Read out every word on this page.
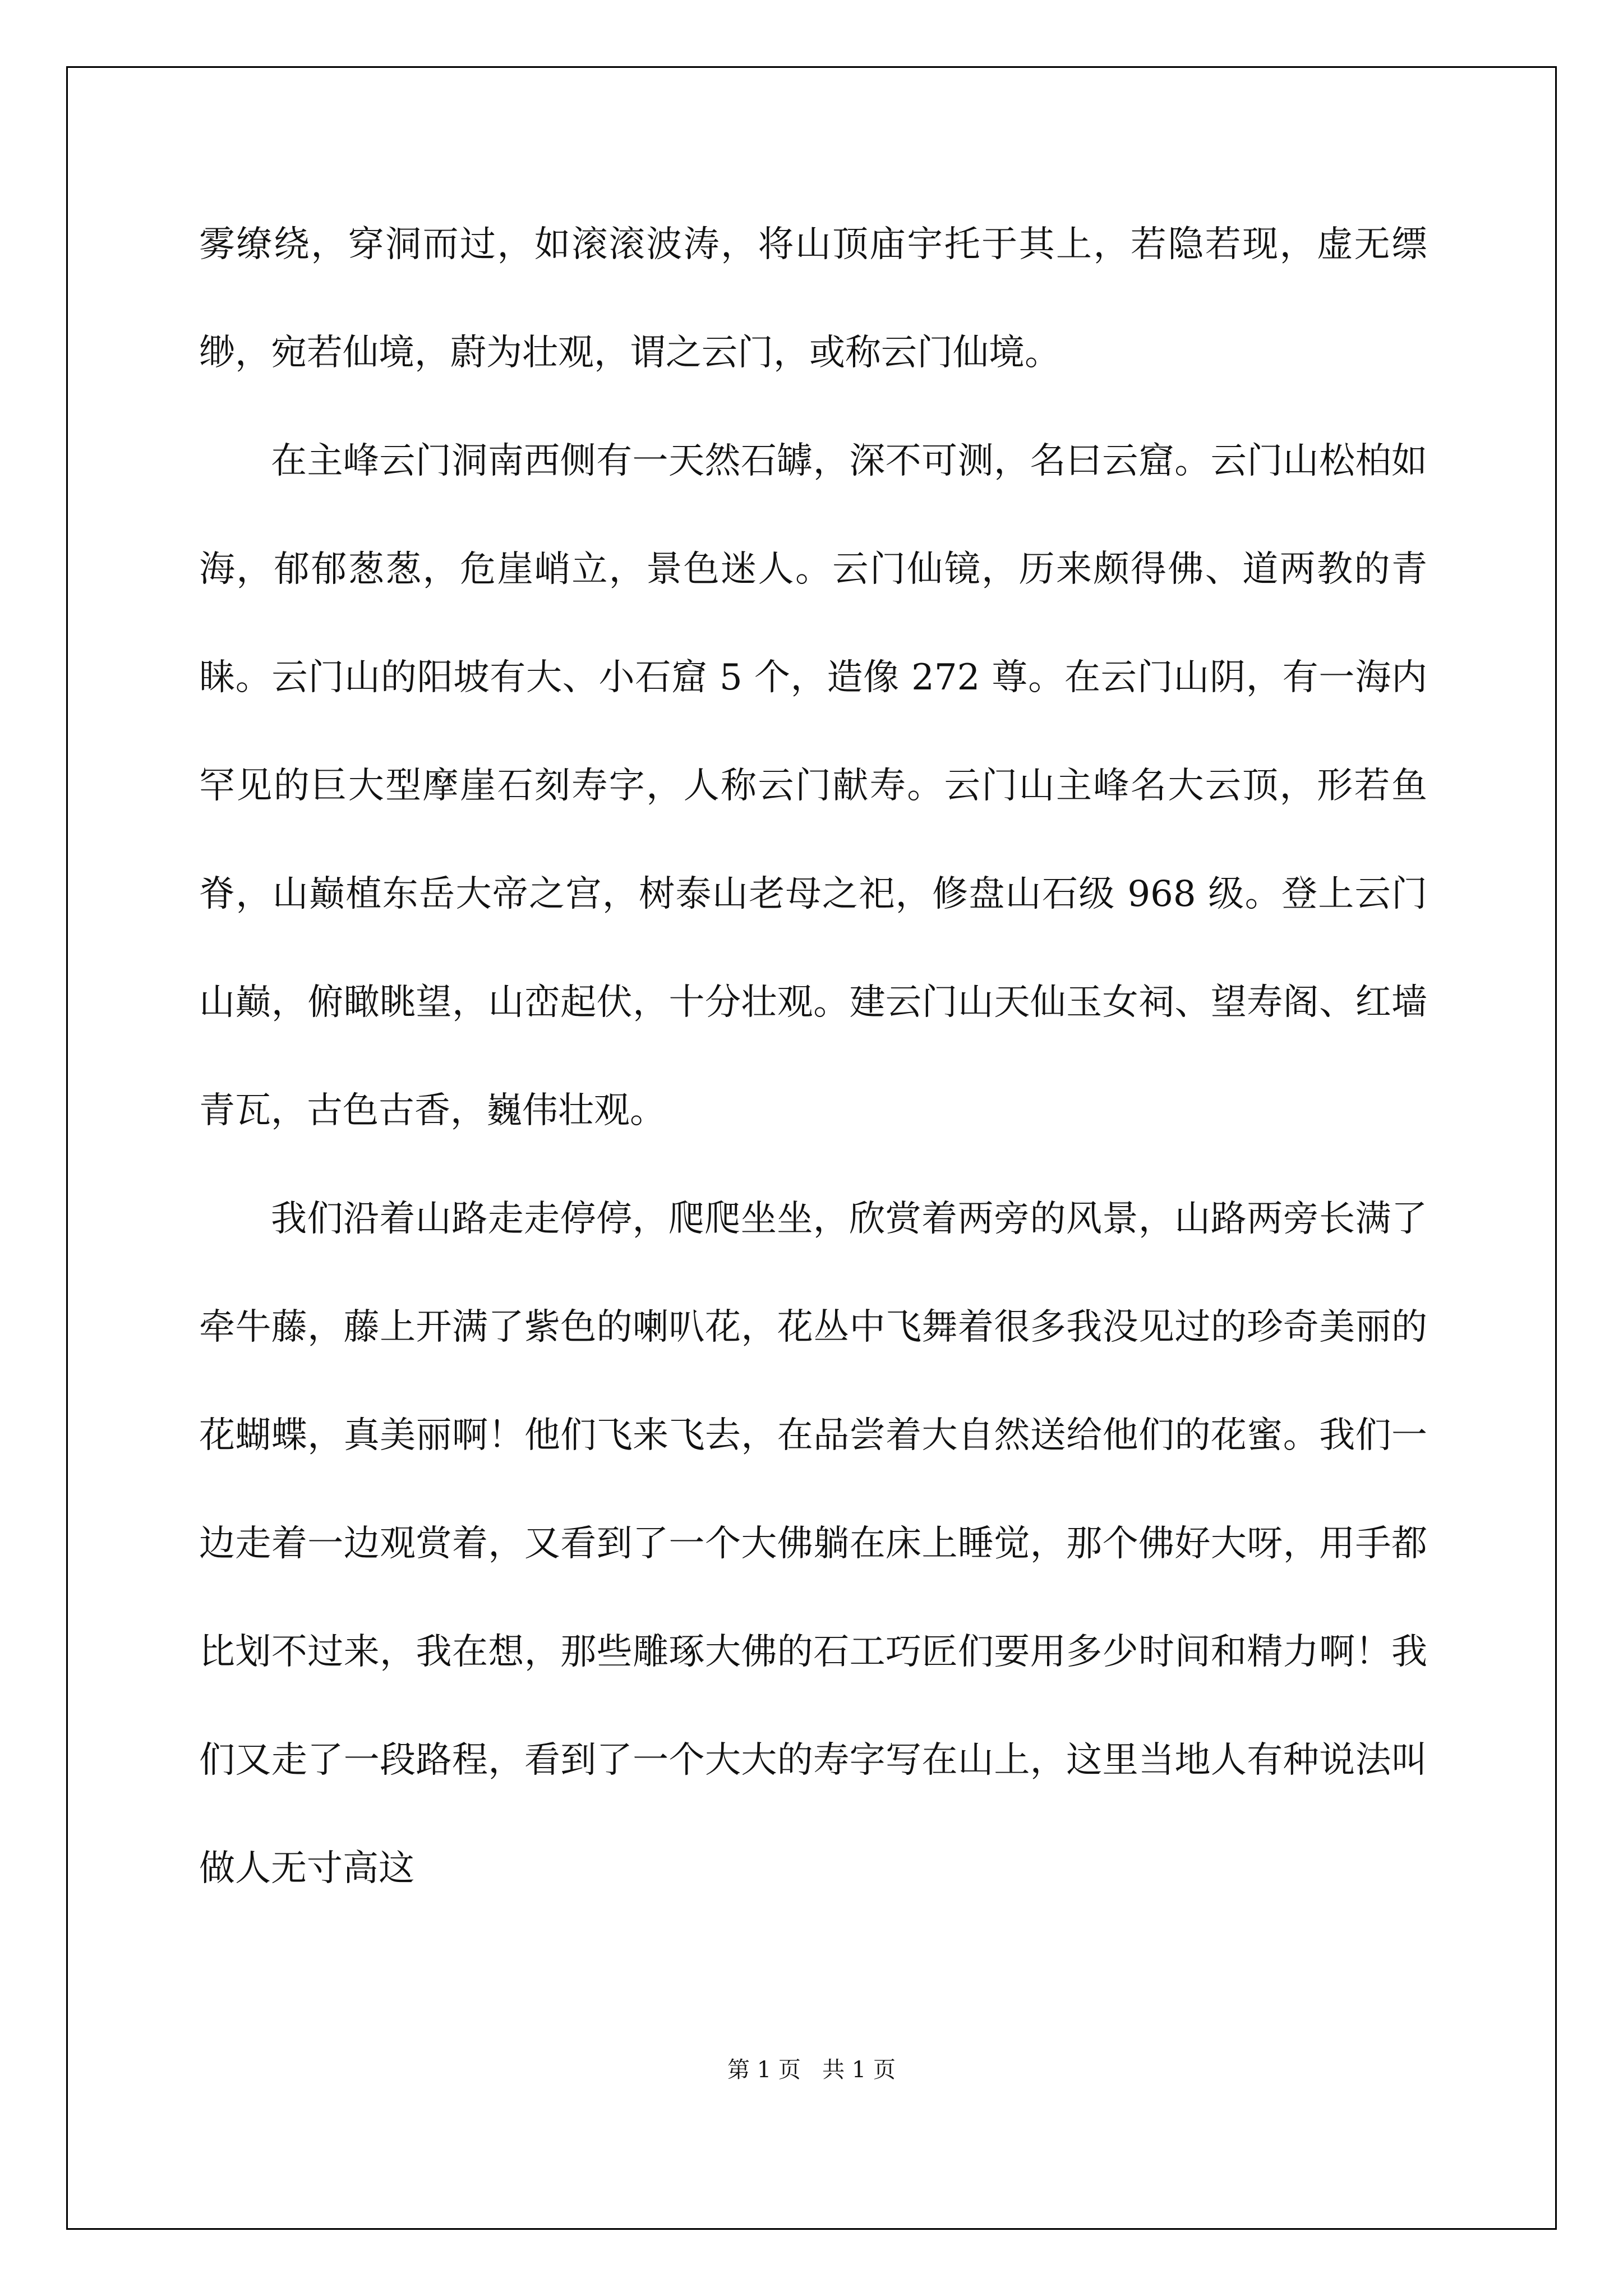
雾缭绕，穿洞而过，如滚滚波涛，将山顶庙宇托于其上，若隐若现，虚无缥缈，宛若仙境，蔚为壮观，谓之云门，或称云门仙境。

在主峰云门洞南西侧有一天然石罅，深不可测，名曰云窟。云门山松柏如海，郁郁葱葱，危崖峭立，景色迷人。云门仙镜，历来颇得佛、道两教的青睐。云门山的阳坡有大、小石窟 5 个，造像 272 尊。在云门山阴，有一海内罕见的巨大型摩崖石刻寿字，人称云门献寿。云门山主峰名大云顶，形若鱼脊，山巅植东岳大帝之宫，树泰山老母之祀，修盘山石级 968 级。登上云门山巅，俯瞰眺望，山峦起伏，十分壮观。建云门山天仙玉女祠、望寿阁、红墙青瓦，古色古香，巍伟壮观。

我们沿着山路走走停停，爬爬坐坐，欣赏着两旁的风景，山路两旁长满了牵牛藤，藤上开满了紫色的喇叭花，花丛中飞舞着很多我没见过的珍奇美丽的花蝴蝶，真美丽啊！他们飞来飞去，在品尝着大自然送给他们的花蜜。我们一边走着一边观赏着，又看到了一个大佛躺在床上睡觉，那个佛好大呀，用手都比划不过来，我在想，那些雕琢大佛的石工巧匠们要用多少时间和精力啊！我们又走了一段路程，看到了一个大大的寿字写在山上，这里当地人有种说法叫做人无寸高这

第 1 页 共 1 页
